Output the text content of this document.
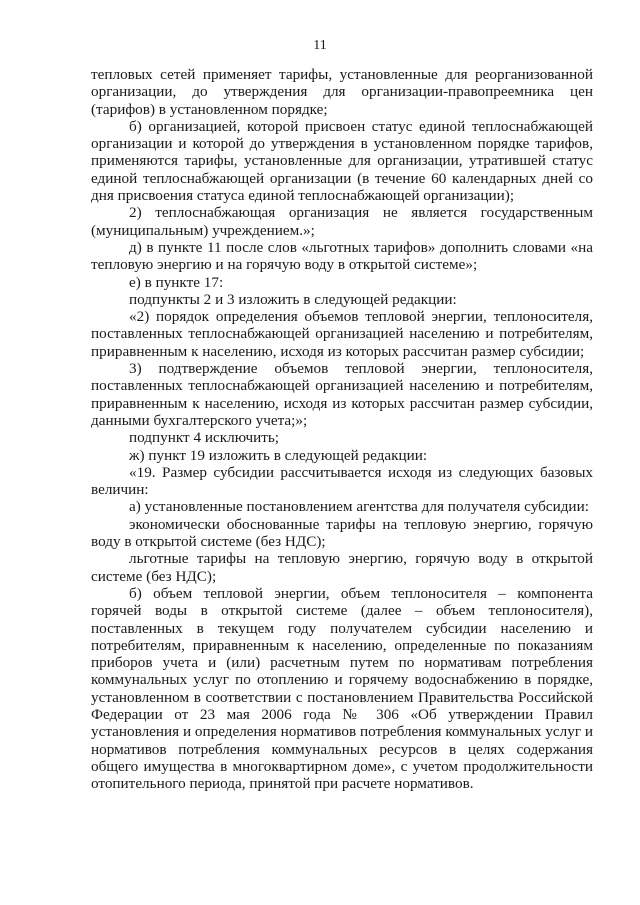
11

тепловых сетей применяет тарифы, установленные для реорганизованной организации, до утверждения для организации-правопреемника цен (тарифов) в установленном порядке;

б) организацией, которой присвоен статус единой теплоснабжающей организации и которой до утверждения в установленном порядке тарифов, применяются тарифы, установленные для организации, утратившей статус единой теплоснабжающей организации (в течение 60 календарных дней со дня присвоения статуса единой теплоснабжающей организации);

2) теплоснабжающая организация не является государственным (муниципальным) учреждением.»;

д) в пункте 11 после слов «льготных тарифов» дополнить словами «на тепловую энергию и на горячую воду в открытой системе»;

е) в пункте 17:

подпункты 2 и 3 изложить в следующей редакции:

«2) порядок определения объемов тепловой энергии, теплоносителя, поставленных теплоснабжающей организацией населению и потребителям, приравненным к населению, исходя из которых рассчитан размер субсидии;

3) подтверждение объемов тепловой энергии, теплоносителя, поставленных теплоснабжающей организацией населению и потребителям, приравненным к населению, исходя из которых рассчитан размер субсидии, данными бухгалтерского учета;»;

подпункт 4 исключить;

ж) пункт 19 изложить в следующей редакции:

«19. Размер субсидии рассчитывается исходя из следующих базовых величин:

а) установленные постановлением агентства для получателя субсидии:

экономически обоснованные тарифы на тепловую энергию, горячую воду в открытой системе (без НДС);

льготные тарифы на тепловую энергию, горячую воду в открытой системе (без НДС);

б) объем тепловой энергии, объем теплоносителя – компонента горячей воды в открытой системе (далее – объем теплоносителя), поставленных в текущем году получателем субсидии населению и потребителям, приравненным к населению, определенные по показаниям приборов учета и (или) расчетным путем по нормативам потребления коммунальных услуг по отоплению и горячему водоснабжению в порядке, установленном в соответствии с постановлением Правительства Российской Федерации от 23 мая 2006 года № 306 «Об утверждении Правил установления и определения нормативов потребления коммунальных услуг и нормативов потребления коммунальных ресурсов в целях содержания общего имущества в многоквартирном доме», с учетом продолжительности отопительного периода, принятой при расчете нормативов.
